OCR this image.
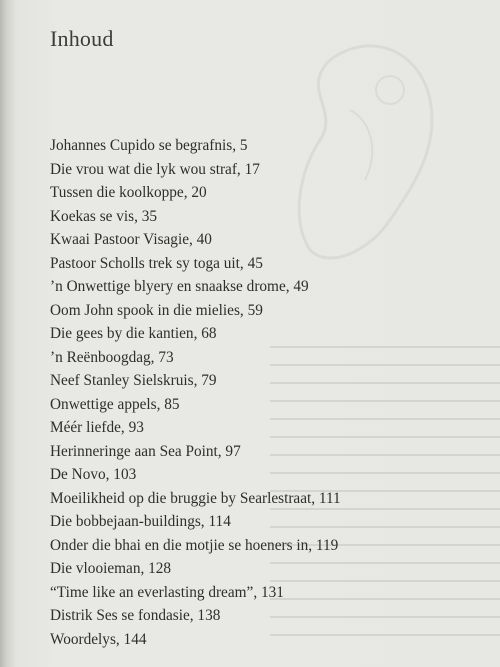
Inhoud
Johannes Cupido se begrafnis, 5
Die vrou wat die lyk wou straf, 17
Tussen die koolkoppe, 20
Koekas se vis, 35
Kwaai Pastoor Visagie, 40
Pastoor Scholls trek sy toga uit, 45
’n Onwettige blyery en snaakse drome, 49
Oom John spook in die mielies, 59
Die gees by die kantien, 68
’n Reënboogdag, 73
Neef Stanley Sielskruis, 79
Onwettige appels, 85
Méér liefde, 93
Herinneringe aan Sea Point, 97
De Novo, 103
Moeilikheid op die bruggie by Searlestraat, 111
Die bobbejaan-buildings, 114
Onder die bhai en die motjie se hoeners in, 119
Die vlooieman, 128
“Time like an everlasting dream”, 131
Distrik Ses se fondasie, 138
Woordelys, 144
